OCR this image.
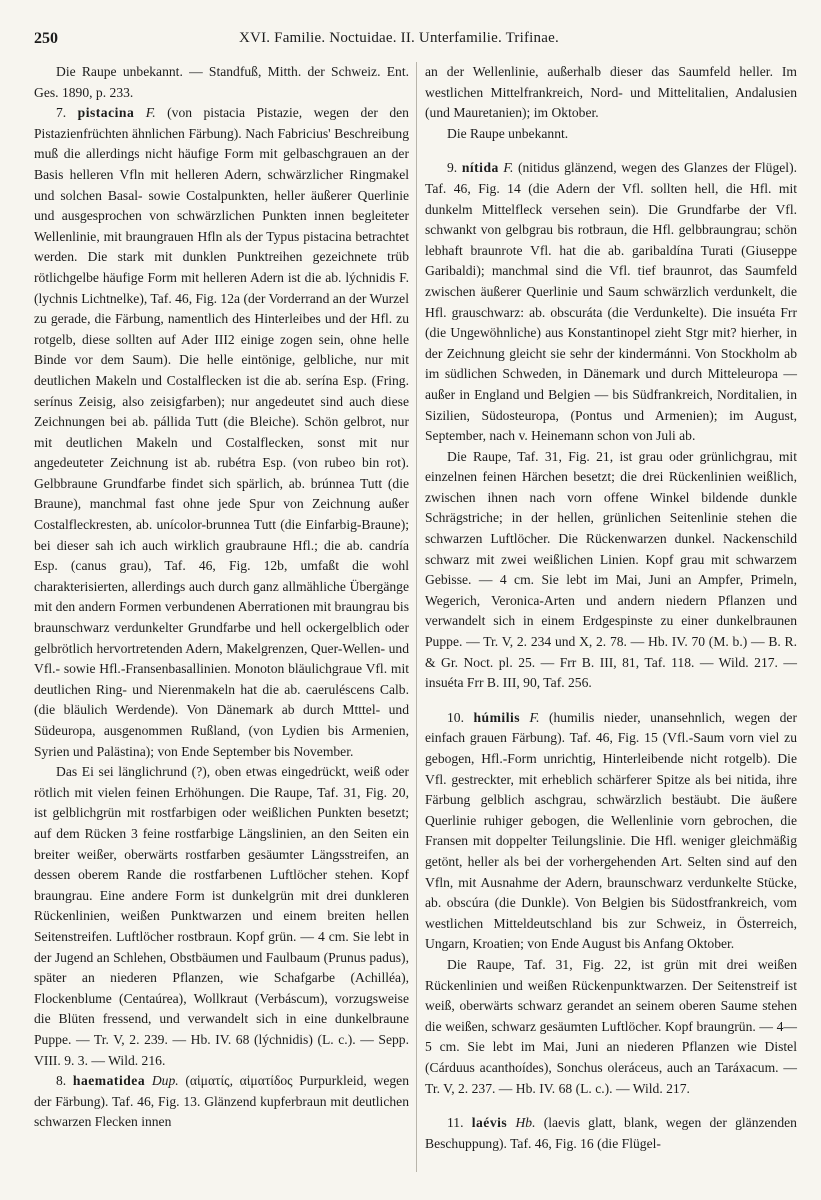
250	XVI. Familie. Noctuidae. II. Unterfamilie. Trifinae.

Die Raupe unbekannt. — Standfuß, Mitth. der Schweiz. Ent. Ges. 1890, p. 233.

7. pistacina F. (von pistacia Pistazie, wegen der den Pistazienfrüchten ähnlichen Färbung). Nach Fabricius' Beschreibung muß die allerdings nicht häufige Form mit gelbaschgrauen an der Basis helleren Vfln mit helleren Adern, schwärzlicher Ringmakel und solchen Basal- sowie Costalpunkten, heller äußerer Querlinie und ausgesprochen von schwärzlichen Punkten innen begleiteter Wellenlinie, mit braungrauen Hfln als der Typus pistacina betrachtet werden. Die stark mit dunklen Punktreihen gezeichnete trüb rötlichgelbe häufige Form mit helleren Adern ist die ab. lýchnidis F. (lychnis Lichtnelke), Taf. 46, Fig. 12a (der Vorderrand an der Wurzel zu gerade, die Färbung, namentlich des Hinterleibes und der Hfl. zu rotgelb, diese sollten auf Ader III2 einige zogen sein, ohne helle Binde vor dem Saum). Die helle eintönige, gelbliche, nur mit deutlichen Makeln und Costalflecken ist die ab. serína Esp. (Fring. serínus Zeisig, also zeisigfarben); nur angedeutet sind auch diese Zeichnungen bei ab. pállida Tutt (die Bleiche). Schön gelbrot, nur mit deutlichen Makeln und Costalflecken, sonst mit nur angedeuteter Zeichnung ist ab. rubétra Esp. (von rubeo bin rot). Gelbbraune Grundfarbe findet sich spärlich, ab. brúnnea Tutt (die Braune), manchmal fast ohne jede Spur von Zeichnung außer Costalfleckresten, ab. unícolor-brunnea Tutt (die Einfarbig-Braune); bei dieser sah ich auch wirklich graubraune Hfl.; die ab. candría Esp. (canus grau), Taf. 46, Fig. 12b, umfaßt die wohl charakterisierten, allerdings auch durch ganz allmähliche Übergänge mit den andern Formen verbundenen Aberrationen mit braungrau bis braunschwarz verdunkelter Grundfarbe und hell ockergelblich oder gelbrötlich hervortretenden Adern, Makelgrenzen, Quer-Wellen- und Vfl.- sowie Hfl.-Fransenbasallinien. Monoton bläulichgraue Vfl. mit deutlichen Ring- und Nierenmakeln hat die ab. caeruléscens Calb. (die bläulich Werdende). Von Dänemark ab durch Mtttel- und Südeuropa, ausgenommen Rußland, (von Lydien bis Armenien, Syrien und Palästina); von Ende September bis November.

Das Ei sei länglichrund (?), oben etwas eingedrückt, weiß oder rötlich mit vielen feinen Erhöhungen. Die Raupe, Taf. 31, Fig. 20, ist gelblichgrün mit rostfarbigen oder weißlichen Punkten besetzt; auf dem Rücken 3 feine rostfarbige Längslinien, an den Seiten ein breiter weißer, oberwärts rostfarben gesäumter Längsstreifen, an dessen oberem Rande die rostfarbenen Luftlöcher stehen. Kopf braungrau. Eine andere Form ist dunkelgrün mit drei dunkleren Rückenlinien, weißen Punktwarzen und einem breiten hellen Seitenstreifen. Luftlöcher rostbraun. Kopf grün. — 4 cm. Sie lebt in der Jugend an Schlehen, Obstbäumen und Faulbaum (Prunus padus), später an niederen Pflanzen, wie Schafgarbe (Achilléa), Flockenblume (Centaúrea), Wollkraut (Verbáscum), vorzugsweise die Blüten fressend, und verwandelt sich in eine dunkelbraune Puppe. — Tr. V, 2. 239. — Hb. IV. 68 (lýchnidis) (L. c.). — Sepp. VIII. 9. 3. — Wild. 216.

8. haematidea Dup. (αἱματίς, αἱματίδος Purpurkleid, wegen der Färbung). Taf. 46, Fig. 13. Glänzend kupferbraun mit deutlichen schwarzen Flecken innen

an der Wellenlinie, außerhalb dieser das Saumfeld heller. Im westlichen Mittelfrankreich, Nord- und Mittelitalien, Andalusien (und Mauretanien); im Oktober.

Die Raupe unbekannt.

9. nítida F. (nitidus glänzend, wegen des Glanzes der Flügel). Taf. 46, Fig. 14 (die Adern der Vfl. sollten hell, die Hfl. mit dunkelm Mittelfleck versehen sein). Die Grundfarbe der Vfl. schwankt von gelbgrau bis rotbraun, die Hfl. gelbbraungrau; schön lebhaft braunrote Vfl. hat die ab. garibaldína Turati (Giuseppe Garibaldi); manchmal sind die Vfl. tief braunrot, das Saumfeld zwischen äußerer Querlinie und Saum schwärzlich verdunkelt, die Hfl. grauschwarz: ab. obscuráta (die Verdunkelte). Die insuéta Frr (die Ungewöhnliche) aus Konstantinopel zieht Stgr mit? hierher, in der Zeichnung gleicht sie sehr der kindermánni. Von Stockholm ab im südlichen Schweden, in Dänemark und durch Mitteleuropa — außer in England und Belgien — bis Südfrankreich, Norditalien, in Sizilien, Südosteuropa, (Pontus und Armenien); im August, September, nach v. Heinemann schon von Juli ab.

Die Raupe, Taf. 31, Fig. 21, ist grau oder grünlichgrau, mit einzelnen feinen Härchen besetzt; die drei Rückenlinien weißlich, zwischen ihnen nach vorn offene Winkel bildende dunkle Schrägstriche; in der hellen, grünlichen Seitenlinie stehen die schwarzen Luftlöcher. Die Rückenwarzen dunkel. Nackenschild schwarz mit zwei weißlichen Linien. Kopf grau mit schwarzem Gebisse. — 4 cm. Sie lebt im Mai, Juni an Ampfer, Primeln, Wegerich, Veronica-Arten und andern niedern Pflanzen und verwandelt sich in einem Erdgespinste zu einer dunkelbraunen Puppe. — Tr. V, 2. 234 und X, 2. 78. — Hb. IV. 70 (M. b.) — B. R. & Gr. Noct. pl. 25. — Frr B. III, 81, Taf. 118. — Wild. 217. — insuéta Frr B. III, 90, Taf. 256.

10. húmilis F. (humilis nieder, unansehnlich, wegen der einfach grauen Färbung). Taf. 46, Fig. 15 (Vfl.-Saum vorn viel zu gebogen, Hfl.-Form unrichtig, Hinterleibende nicht rotgelb). Die Vfl. gestreckter, mit erheblich schärferer Spitze als bei nitida, ihre Färbung gelblich aschgrau, schwärzlich bestäubt. Die äußere Querlinie ruhiger gebogen, die Wellenlinie vorn gebrochen, die Fransen mit doppelter Teilungslinie. Die Hfl. weniger gleichmäßig getönt, heller als bei der vorhergehenden Art. Selten sind auf den Vfln, mit Ausnahme der Adern, braunschwarz verdunkelte Stücke, ab. obscúra (die Dunkle). Von Belgien bis Südostfrankreich, vom westlichen Mitteldeutschland bis zur Schweiz, in Österreich, Ungarn, Kroatien; von Ende August bis Anfang Oktober.

Die Raupe, Taf. 31, Fig. 22, ist grün mit drei weißen Rückenlinien und weißen Rückenpunktwarzen. Der Seitenstreif ist weiß, oberwärts schwarz gerandet an seinem oberen Saume stehen die weißen, schwarz gesäumten Luftlöcher. Kopf braungrün. — 4—5 cm. Sie lebt im Mai, Juni an niederen Pflanzen wie Distel (Cárduus acanthoídes), Sonchus oleráceus, auch an Taráxacum. — Tr. V, 2. 237. — Hb. IV. 68 (L. c.). — Wild. 217.

11. laévis Hb. (laevis glatt, blank, wegen der glänzenden Beschuppung). Taf. 46, Fig. 16 (die Flügel-
